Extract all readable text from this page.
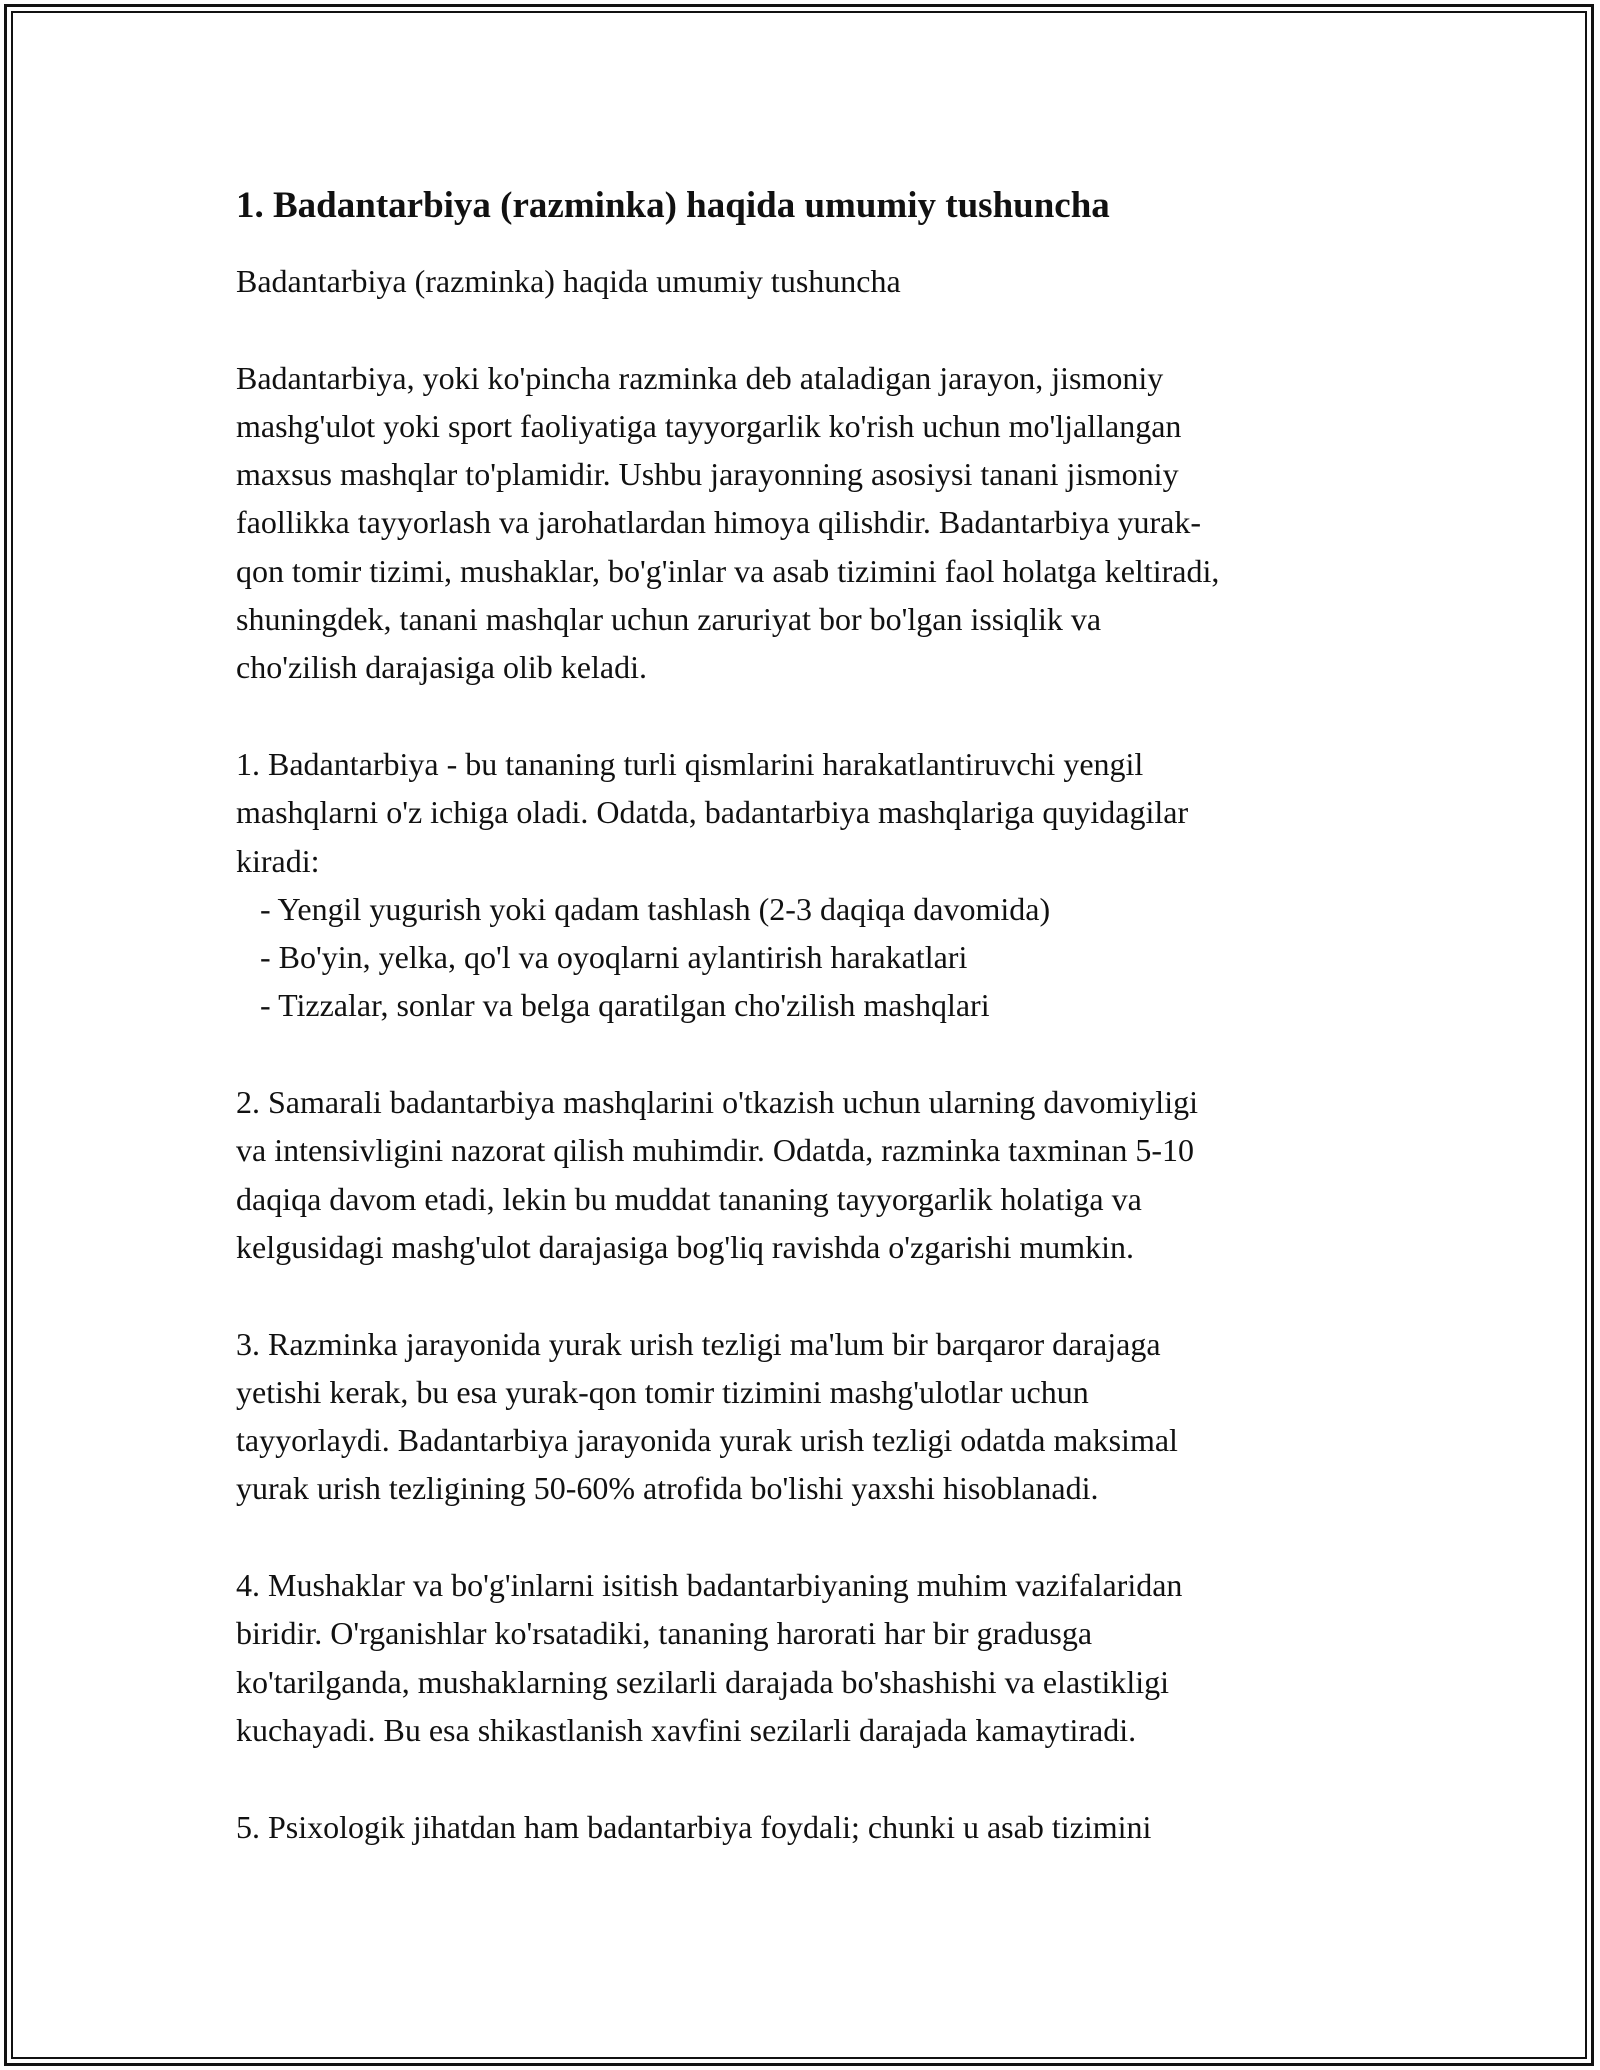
1. Badantarbiya (razminka) haqida umumiy tushuncha

Badantarbiya (razminka) haqida umumiy tushuncha

Badantarbiya, yoki ko'pincha razminka deb ataladigan jarayon, jismoniy
mashg'ulot yoki sport faoliyatiga tayyorgarlik ko'rish uchun mo'ljallangan
maxsus mashqlar to'plamidir. Ushbu jarayonning asosiysi tanani jismoniy
faollikka tayyorlash va jarohatlardan himoya qilishdir. Badantarbiya yurak-
qon tomir tizimi, mushaklar, bo'g'inlar va asab tizimini faol holatga keltiradi,
shuningdek, tanani mashqlar uchun zaruriyat bor bo'lgan issiqlik va
cho'zilish darajasiga olib keladi.

1. Badantarbiya - bu tananing turli qismlarini harakatlantiruvchi yengil
mashqlarni o'z ichiga oladi. Odatda, badantarbiya mashqlariga quyidagilar
kiradi:
- Yengil yugurish yoki qadam tashlash (2-3 daqiqa davomida)
- Bo'yin, yelka, qo'l va oyoqlarni aylantirish harakatlari
- Tizzalar, sonlar va belga qaratilgan cho'zilish mashqlari

2. Samarali badantarbiya mashqlarini o'tkazish uchun ularning davomiyligi
va intensivligini nazorat qilish muhimdir. Odatda, razminka taxminan 5-10
daqiqa davom etadi, lekin bu muddat tananing tayyorgarlik holatiga va
kelgusidagi mashg'ulot darajasiga bog'liq ravishda o'zgarishi mumkin.

3. Razminka jarayonida yurak urish tezligi ma'lum bir barqaror darajaga
yetishi kerak, bu esa yurak-qon tomir tizimini mashg'ulotlar uchun
tayyorlaydi. Badantarbiya jarayonida yurak urish tezligi odatda maksimal
yurak urish tezligining 50-60% atrofida bo'lishi yaxshi hisoblanadi.

4. Mushaklar va bo'g'inlarni isitish badantarbiyaning muhim vazifalaridan
biridir. O'rganishlar ko'rsatadiki, tananing harorati har bir gradusga
ko'tarilganda, mushaklarning sezilarli darajada bo'shashishi va elastikligi
kuchayadi. Bu esa shikastlanish xavfini sezilarli darajada kamaytiradi.

5. Psixologik jihatdan ham badantarbiya foydali; chunki u asab tizimini
